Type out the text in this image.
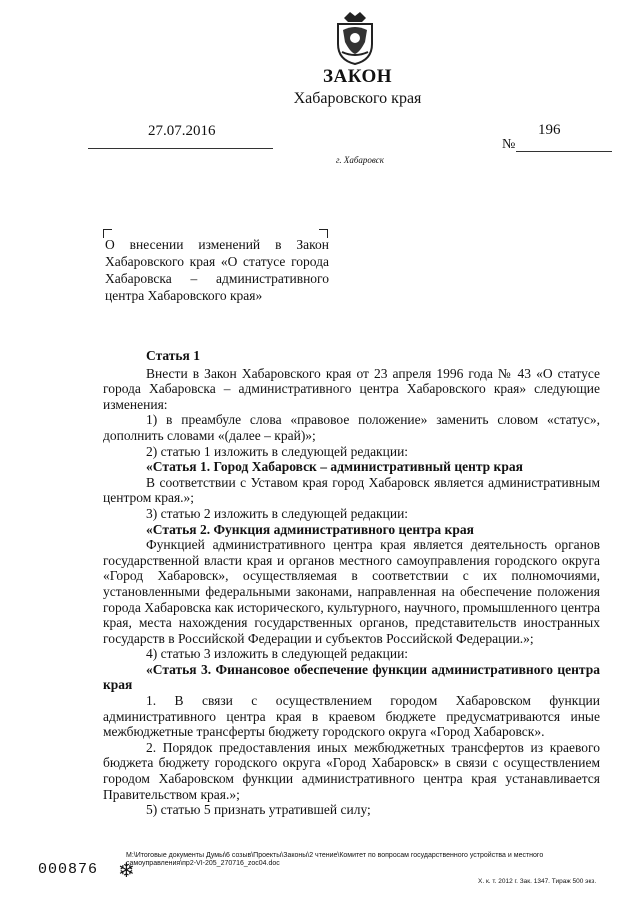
ЗАКОН
Хабаровского края
27.07.2016
№
196
г. Хабаровск
О внесении изменений в Закон Хабаровского края «О статусе города Хабаровска – административного центра Хабаровского края»

Статья 1

Внести в Закон Хабаровского края от 23 апреля 1996 года № 43 «О статусе города Хабаровска – административного центра Хабаровского края» следующие изменения:

1) в преамбуле слова «правовое положение» заменить словом «статус», дополнить словами «(далее – край)»;

2) статью 1 изложить в следующей редакции:

«Статья 1. Город Хабаровск – административный центр края

В соответствии с Уставом края город Хабаровск является административным центром края.»;

3) статью 2 изложить в следующей редакции:

«Статья 2. Функция административного центра края

Функцией административного центра края является деятельность органов государственной власти края и органов местного самоуправления городского округа «Город Хабаровск», осуществляемая в соответствии с их полномочиями, установленными федеральными законами, направленная на обеспечение положения города Хабаровска как исторического, культурного, научного, промышленного центра края, места нахождения государственных органов, представительств иностранных государств в Российской Федерации и субъектов Российской Федерации.»;

4) статью 3 изложить в следующей редакции:

«Статья 3. Финансовое обеспечение функции административного центра края

1. В связи с осуществлением городом Хабаровском функции административного центра края в краевом бюджете предусматриваются иные межбюджетные трансферты бюджету городского округа «Город Хабаровск».

2. Порядок предоставления иных межбюджетных трансфертов из краевого бюджета бюджету городского округа «Город Хабаровск» в связи с осуществлением городом Хабаровском функции административного центра края устанавливается Правительством края.»;

5) статью 5 признать утратившей силу;

M:\Итоговые документы Думы\6 созыв\Проекты\Законы\2 чтение\Комитет по вопросам государственного устройства и местного самоуправления\пр2-VI-205_270716_zoc04.doc
000876 ❄	Х. к. т. 2012 г. Зак. 1347. Тираж 500 экз.
